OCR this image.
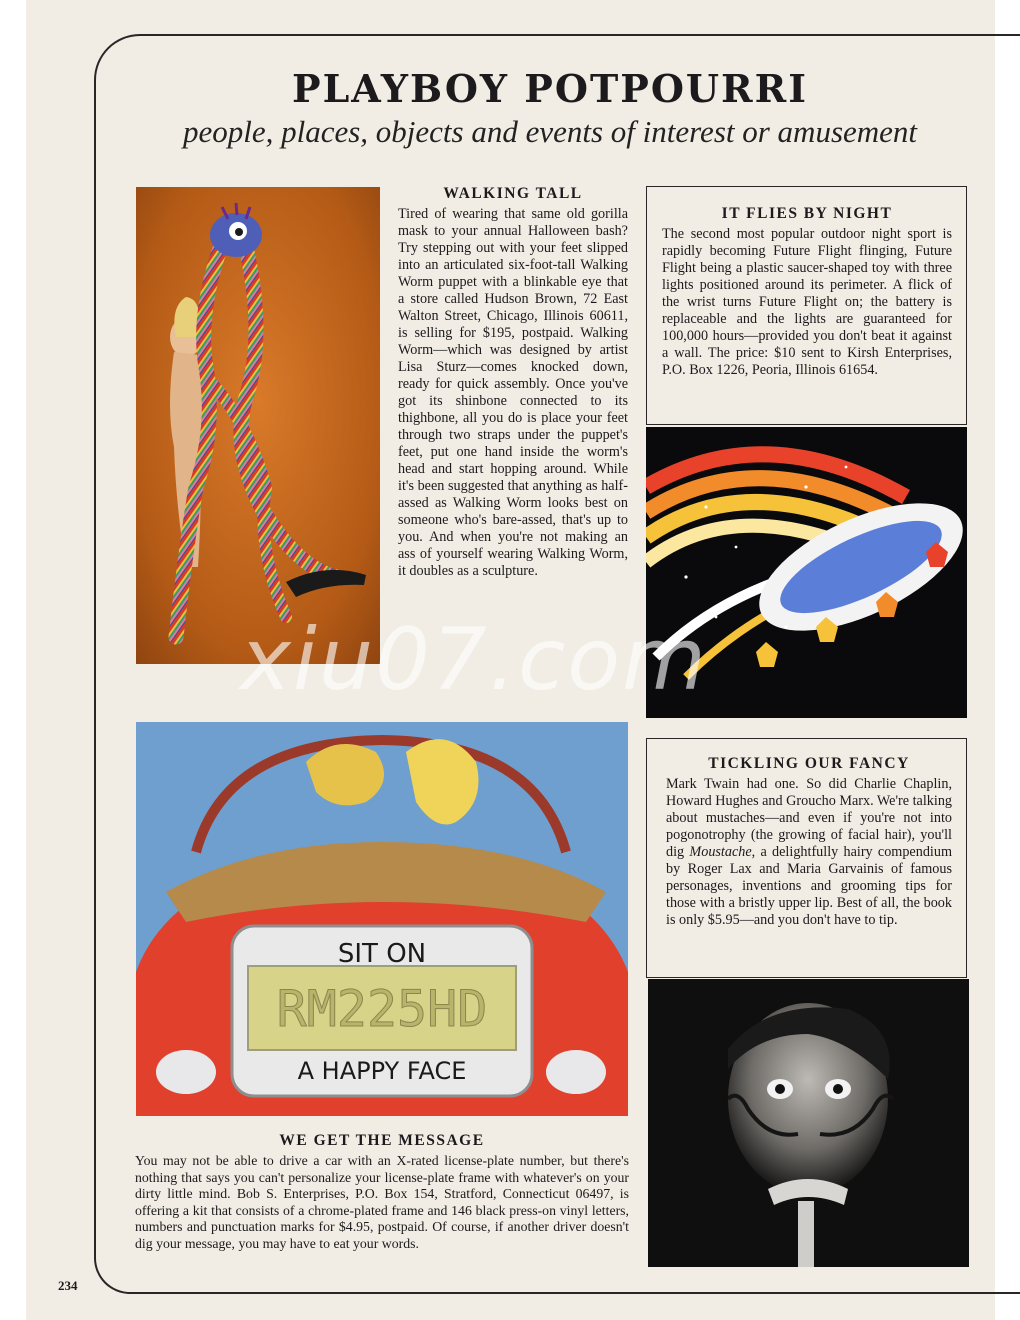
PLAYBOY POTPOURRI

people, places, objects and events of interest or amusement

WALKING TALL

Tired of wearing that same old gorilla mask to your annual Halloween bash? Try stepping out with your feet slipped into an articulated six-foot-tall Walking Worm puppet with a blinkable eye that a store called Hudson Brown, 72 East Walton Street, Chicago, Illinois 60611, is selling for $195, postpaid. Walking Worm—which was designed by artist Lisa Sturz—comes knocked down, ready for quick assembly. Once you've got its shinbone connected to its thighbone, all you do is place your feet through two straps under the puppet's feet, put one hand inside the worm's head and start hopping around. While it's been suggested that anything as half-assed as Walking Worm looks best on someone who's bare-assed, that's up to you. And when you're not making an ass of yourself wearing Walking Worm, it doubles as a sculpture.

IT FLIES BY NIGHT

The second most popular outdoor night sport is rapidly becoming Future Flight flinging, Future Flight being a plastic saucer-shaped toy with three lights positioned around its perimeter. A flick of the wrist turns Future Flight on; the battery is replaceable and the lights are guaranteed for 100,000 hours—provided you don't beat it against a wall. The price: $10 sent to Kirsh Enterprises, P.O. Box 1226, Peoria, Illinois 61654.

SIT ON
RM225HD
A HAPPY FACE
TICKLING OUR FANCY

Mark Twain had one. So did Charlie Chaplin, Howard Hughes and Groucho Marx. We're talking about mustaches—and even if you're not into pogonotrophy (the growing of facial hair), you'll dig Moustache, a delightfully hairy compendium by Roger Lax and Maria Garvainis of famous personages, inventions and grooming tips for those with a bristly upper lip. Best of all, the book is only $5.95—and you don't have to tip.

WE GET THE MESSAGE

You may not be able to drive a car with an X-rated license-plate number, but there's nothing that says you can't personalize your license-plate frame with whatever's on your dirty little mind. Bob S. Enterprises, P.O. Box 154, Stratford, Connecticut 06497, is offering a kit that consists of a chrome-plated frame and 146 black press-on vinyl letters, numbers and punctuation marks for $4.95, postpaid. Of course, if another driver doesn't dig your message, you may have to eat your words.

234

xiu07.com
